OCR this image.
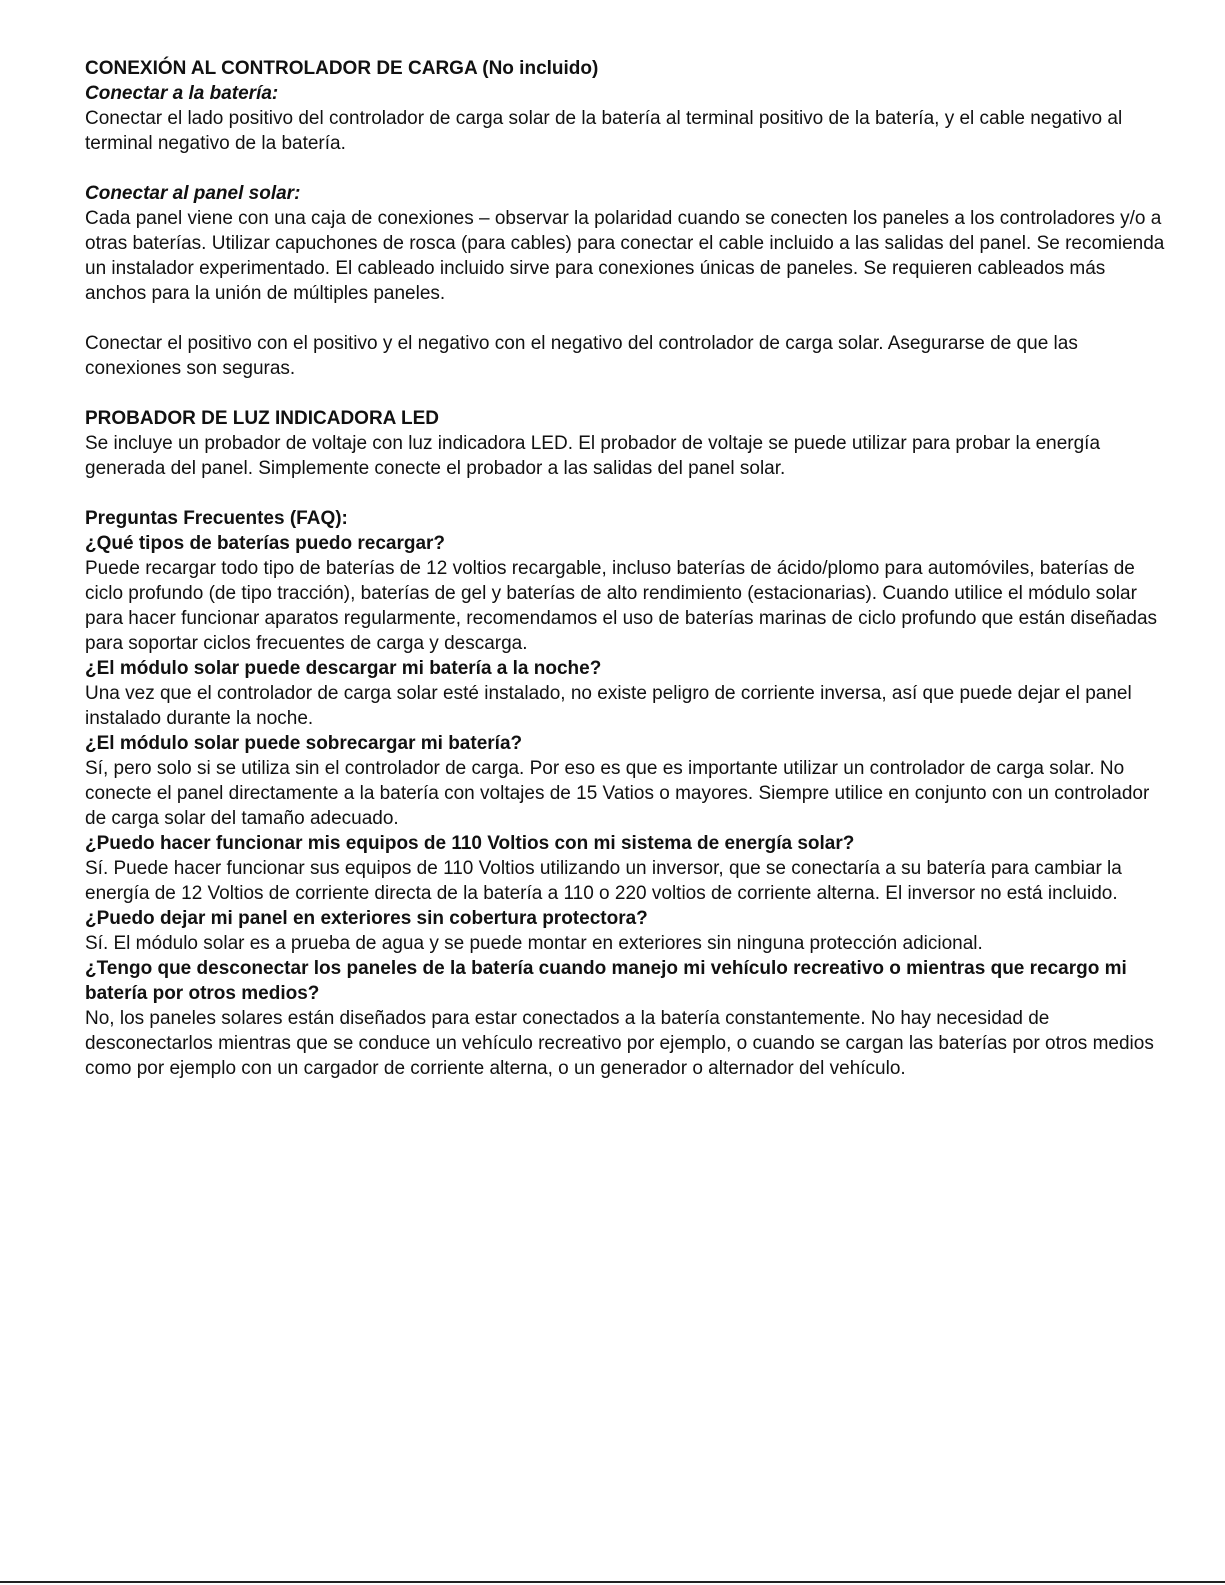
CONEXIÓN AL CONTROLADOR DE CARGA (No incluido)

Conectar a la batería:

Conectar el lado positivo del controlador de carga solar de la batería al terminal positivo de la batería, y el cable negativo al terminal negativo de la batería.

Conectar al panel solar:

Cada panel viene con una caja de conexiones – observar la polaridad cuando se conecten los paneles a los controladores y/o a otras baterías. Utilizar capuchones de rosca (para cables) para conectar el cable incluido a las salidas del panel. Se recomienda un instalador experimentado. El cableado incluido sirve para conexiones únicas de paneles. Se requieren cableados más anchos para la unión de múltiples paneles.

Conectar el positivo con el positivo y el negativo con el negativo del controlador de carga solar. Asegurarse de que las conexiones son seguras.

PROBADOR DE LUZ INDICADORA LED

Se incluye un probador de voltaje con luz indicadora LED. El probador de voltaje se puede utilizar para probar la energía generada del panel. Simplemente conecte el probador a las salidas del panel solar.

Preguntas Frecuentes (FAQ):

¿Qué tipos de baterías puedo recargar?

Puede recargar todo tipo de baterías de 12 voltios recargable, incluso baterías de ácido/plomo para automóviles, baterías de ciclo profundo (de tipo tracción), baterías de gel y baterías de alto rendimiento (estacionarias). Cuando utilice el módulo solar para hacer funcionar aparatos regularmente, recomendamos el uso de baterías marinas de ciclo profundo que están diseñadas para soportar ciclos frecuentes de carga y descarga.

¿El módulo solar puede descargar mi batería a la noche?

Una vez que el controlador de carga solar esté instalado, no existe peligro de corriente inversa, así que puede dejar el panel instalado durante la noche.

¿El módulo solar puede sobrecargar mi batería?

Sí, pero solo si se utiliza sin el controlador de carga. Por eso es que es importante utilizar un controlador de carga solar. No conecte el panel directamente a la batería con voltajes de 15 Vatios o mayores. Siempre utilice en conjunto con un controlador de carga solar del tamaño adecuado.

¿Puedo hacer funcionar mis equipos de 110 Voltios con mi sistema de energía solar?

Sí. Puede hacer funcionar sus equipos de 110 Voltios utilizando un inversor, que se conectaría a su batería para cambiar la energía de 12 Voltios de corriente directa de la batería a 110 o 220 voltios de corriente alterna. El inversor no está incluido.

¿Puedo dejar mi panel en exteriores sin cobertura protectora?

Sí. El módulo solar es a prueba de agua y se puede montar en exteriores sin ninguna protección adicional.

¿Tengo que desconectar los paneles de la batería cuando manejo mi vehículo recreativo o mientras que recargo mi batería por otros medios?

No, los paneles solares están diseñados para estar conectados a la batería constantemente. No hay necesidad de desconectarlos mientras que se conduce un vehículo recreativo por ejemplo, o cuando se cargan las baterías por otros medios como por ejemplo con un cargador de corriente alterna, o un generador o alternador del vehículo.
